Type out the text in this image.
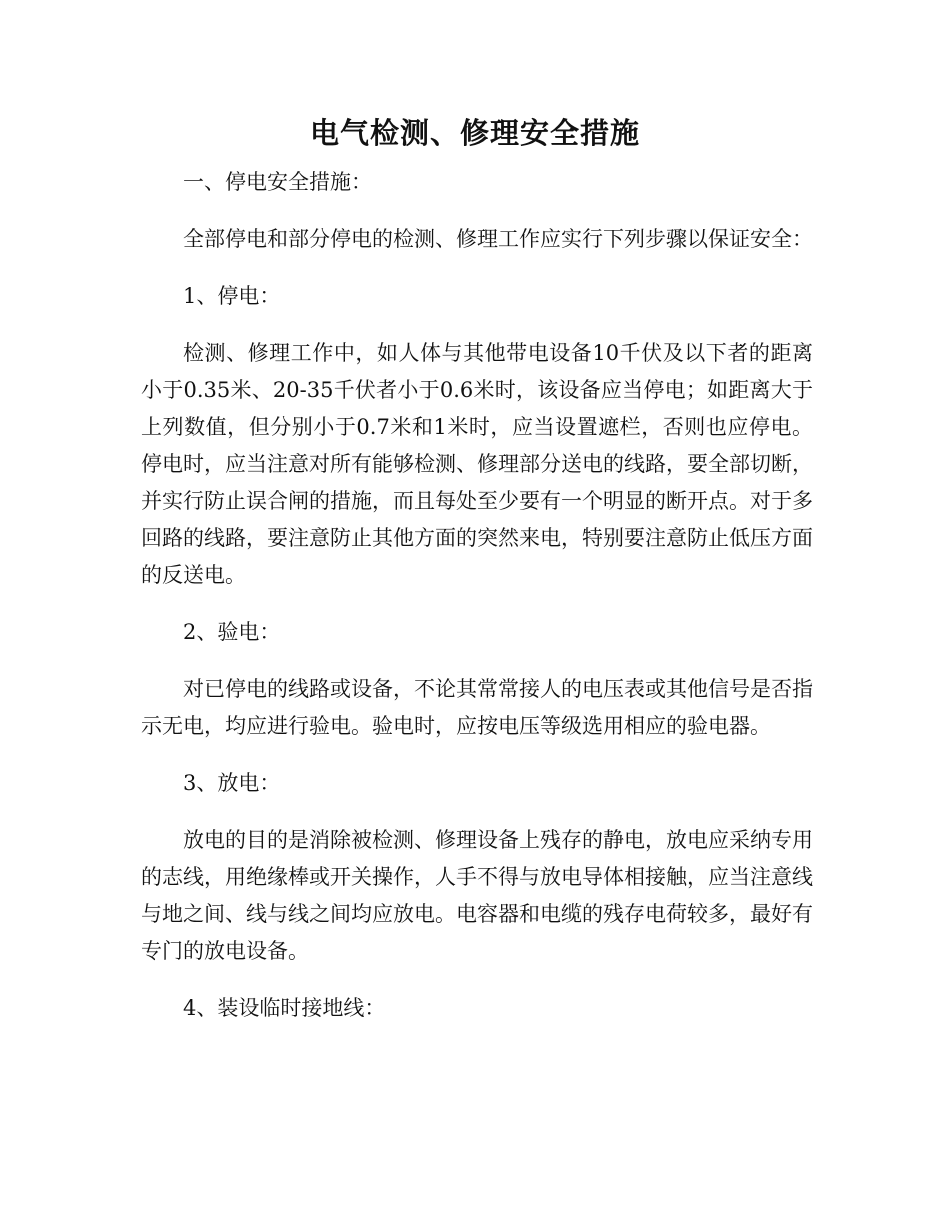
电气检测、修理安全措施

一、停电安全措施：

全部停电和部分停电的检测、修理工作应实行下列步骤以保证安全：

1、停电：

检测、修理工作中，如人体与其他带电设备10千伏及以下者的距离小于0.35米、20-35千伏者小于0.6米时，该设备应当停电；如距离大于上列数值，但分别小于0.7米和1米时，应当设置遮栏，否则也应停电。停电时，应当注意对所有能够检测、修理部分送电的线路，要全部切断，并实行防止误合闸的措施，而且每处至少要有一个明显的断开点。对于多回路的线路，要注意防止其他方面的突然来电，特别要注意防止低压方面的反送电。

2、验电：

对已停电的线路或设备，不论其常常接人的电压表或其他信号是否指示无电，均应进行验电。验电时，应按电压等级选用相应的验电器。

3、放电：

放电的目的是消除被检测、修理设备上残存的静电，放电应采纳专用的志线，用绝缘棒或开关操作，人手不得与放电导体相接触，应当注意线与地之间、线与线之间均应放电。电容器和电缆的残存电荷较多，最好有专门的放电设备。

4、装设临时接地线：
